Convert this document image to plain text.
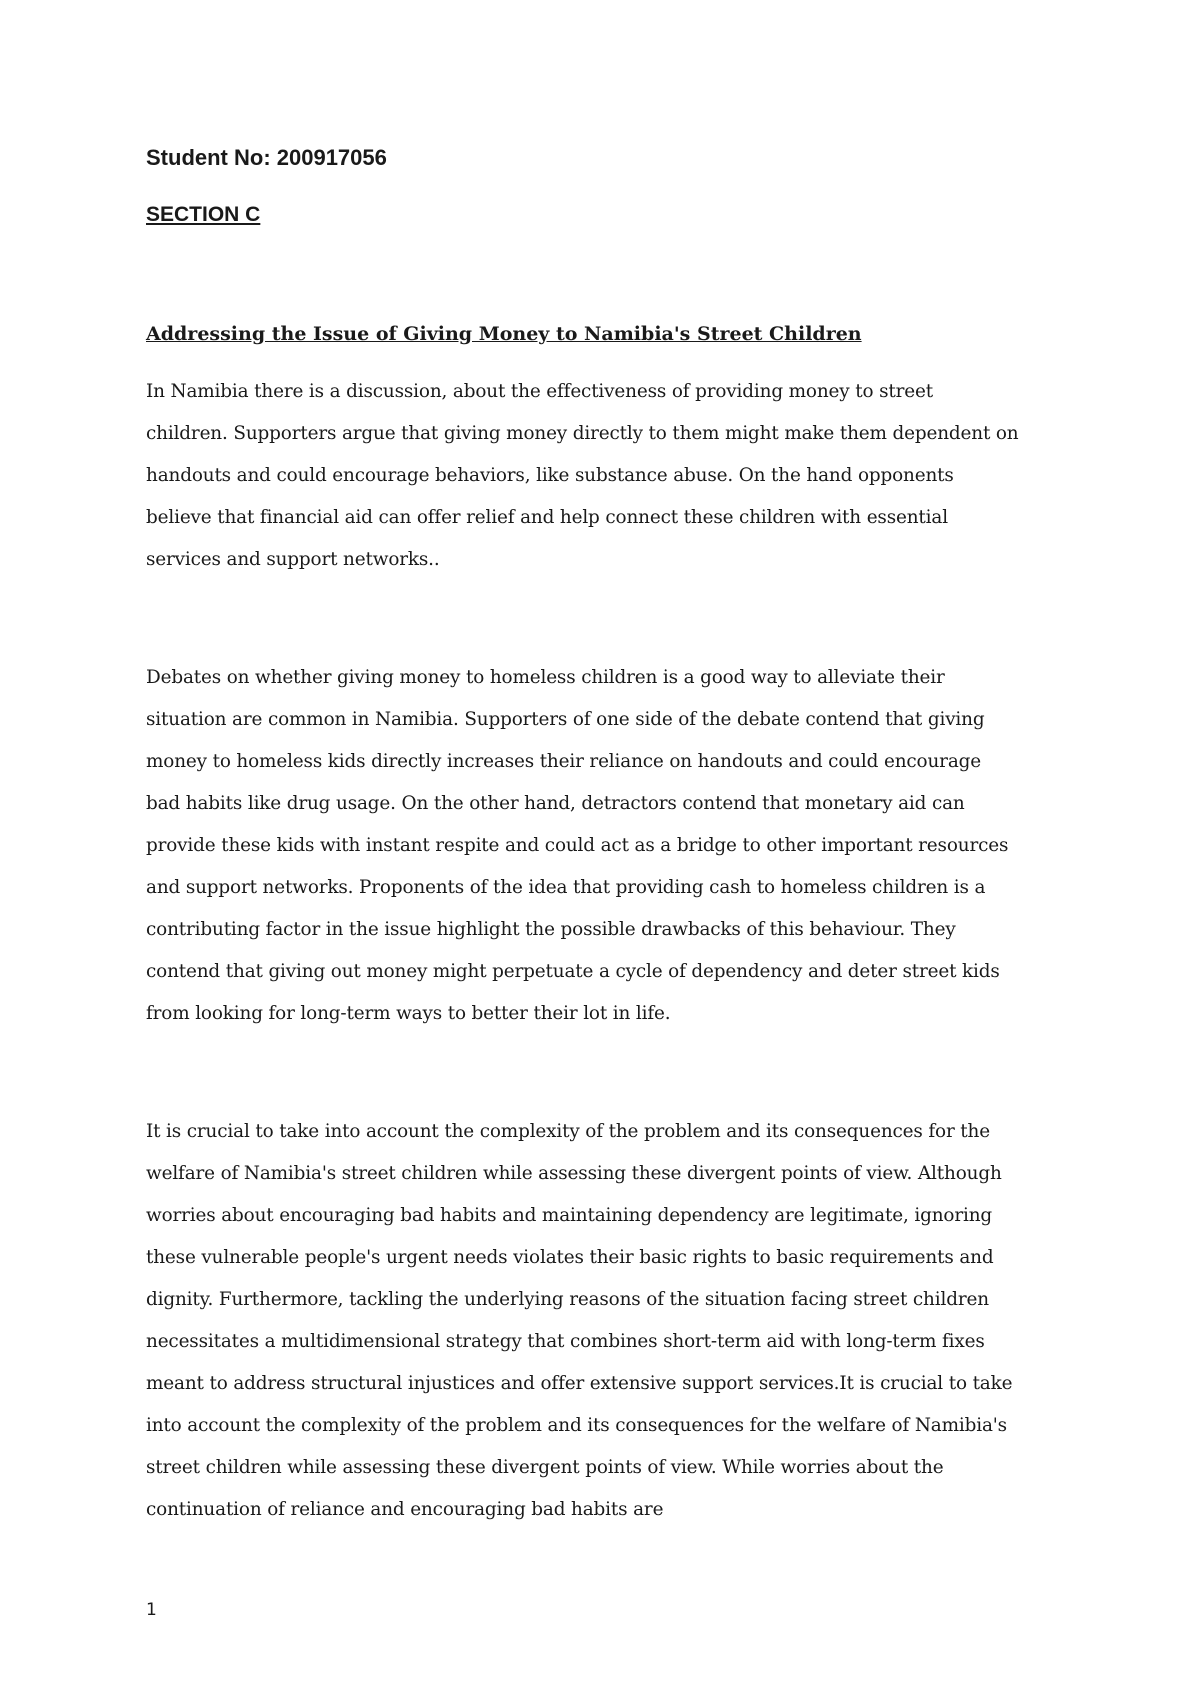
Student No: 200917056

SECTION C

Addressing the Issue of Giving Money to Namibia's Street Children

In Namibia there is a discussion, about the effectiveness of providing money to street
children. Supporters argue that giving money directly to them might make them dependent on
handouts and could encourage behaviors, like substance abuse. On the hand opponents
believe that financial aid can offer relief and help connect these children with essential
services and support networks..

Debates on whether giving money to homeless children is a good way to alleviate their
situation are common in Namibia. Supporters of one side of the debate contend that giving
money to homeless kids directly increases their reliance on handouts and could encourage
bad habits like drug usage. On the other hand, detractors contend that monetary aid can
provide these kids with instant respite and could act as a bridge to other important resources
and support networks. Proponents of the idea that providing cash to homeless children is a
contributing factor in the issue highlight the possible drawbacks of this behaviour. They
contend that giving out money might perpetuate a cycle of dependency and deter street kids
from looking for long-term ways to better their lot in life.

It is crucial to take into account the complexity of the problem and its consequences for the
welfare of Namibia's street children while assessing these divergent points of view. Although
worries about encouraging bad habits and maintaining dependency are legitimate, ignoring
these vulnerable people's urgent needs violates their basic rights to basic requirements and
dignity. Furthermore, tackling the underlying reasons of the situation facing street children
necessitates a multidimensional strategy that combines short-term aid with long-term fixes
meant to address structural injustices and offer extensive support services.It is crucial to take
into account the complexity of the problem and its consequences for the welfare of Namibia's
street children while assessing these divergent points of view. While worries about the
continuation of reliance and encouraging bad habits are

1
